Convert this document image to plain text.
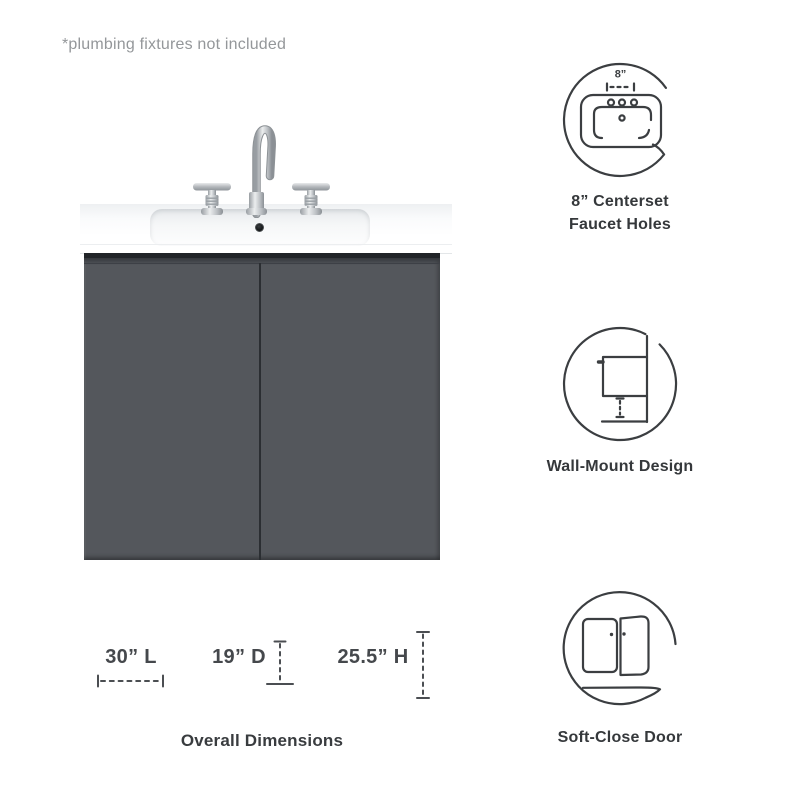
*plumbing fixtures not included
30” L	19” D	25.5” H
Overall Dimensions
8”
8” Centerset
Faucet Holes
Wall-Mount Design
Soft-Close Door
